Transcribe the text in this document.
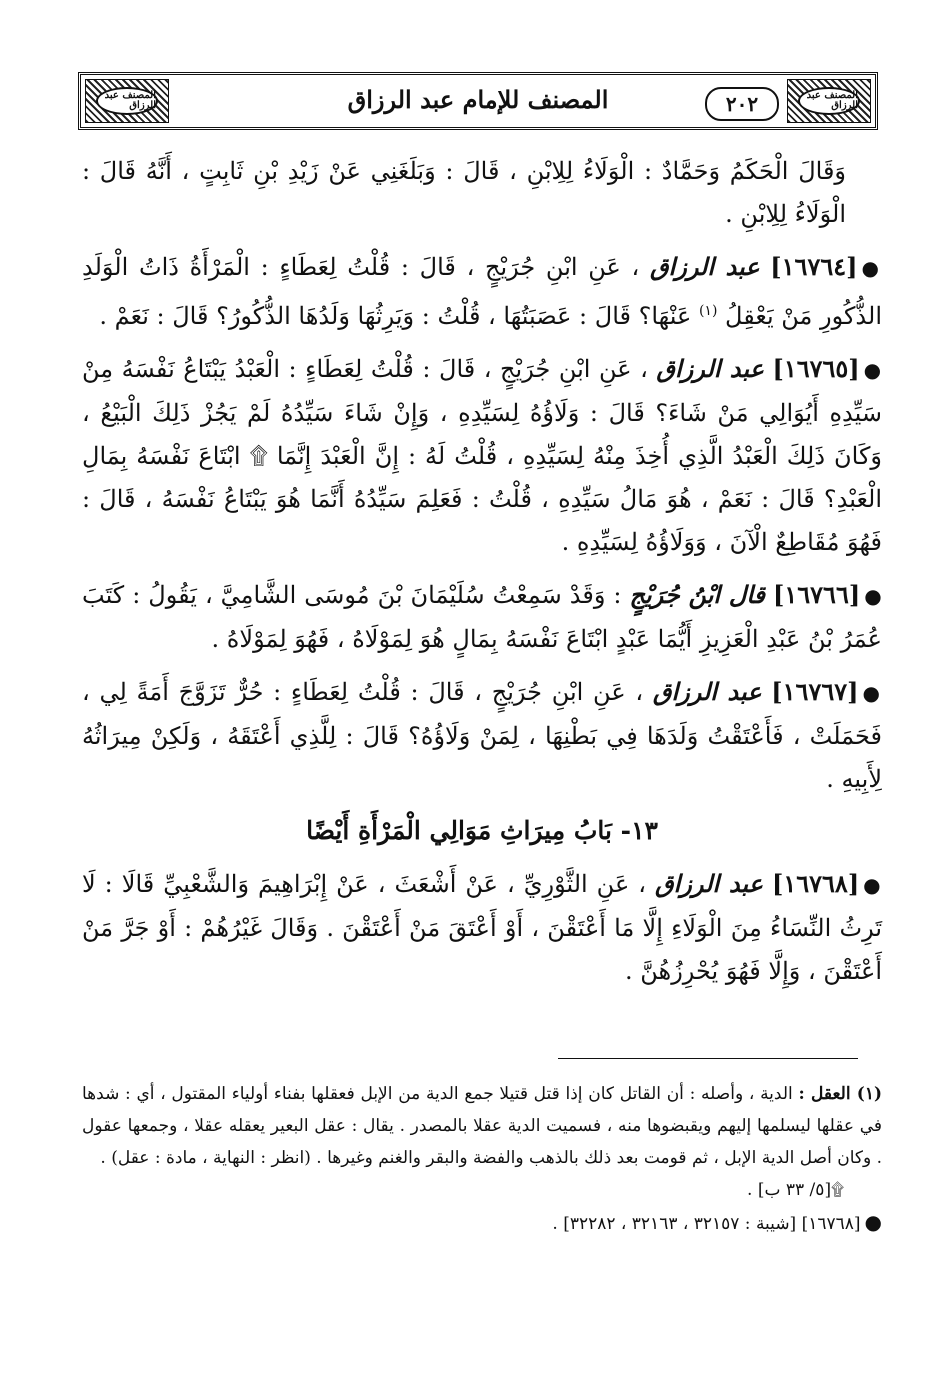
المصنف عبد الرزاق
٢٠٢
المصنف للإمام عبد الرزاق
المصنف عبد الرزاق

وَقَالَ الْحَكَمُ وَحَمَّادٌ : الْوَلَاءُ لِلِابْنِ ، قَالَ : وَبَلَغَنِي عَنْ زَيْدِ بْنِ ثَابِتٍ ، أَنَّهُ قَالَ : الْوَلَاءُ لِلِابْنِ .

●[١٦٧٦٤] عبد الرزاق ، عَنِ ابْنِ جُرَيْجٍ ، قَالَ : قُلْتُ لِعَطَاءٍ : الْمَرْأَةُ ذَاتُ الْوَلَدِ الذُّكُورِ مَنْ يَعْقِلُ $^{(١)}$ عَنْهَا؟ قَالَ : عَصَبَتُهَا ، قُلْتُ : وَيَرِثُهَا وَلَدُهَا الذُّكُورُ؟ قَالَ : نَعَمْ .

●[١٦٧٦٥] عبد الرزاق ، عَنِ ابْنِ جُرَيْجٍ ، قَالَ : قُلْتُ لِعَطَاءٍ : الْعَبْدُ يَبْتَاعُ نَفْسَهُ مِنْ سَيِّدِهِ أَيُوَالِي مَنْ شَاءَ؟ قَالَ : وَلَاؤُهُ لِسَيِّدِهِ ، وَإِنْ شَاءَ سَيِّدُهُ لَمْ يَجُزْ ذَلِكَ الْبَيْعُ ، وَكَانَ ذَلِكَ الْعَبْدُ الَّذِي أُخِذَ مِنْهُ لِسَيِّدِهِ ، قُلْتُ لَهُ : إِنَّ الْعَبْدَ إِنَّمَا ۩ ابْتَاعَ نَفْسَهُ بِمَالِ الْعَبْدِ؟ قَالَ : نَعَمْ ، هُوَ مَالُ سَيِّدِهِ ، قُلْتُ : فَعَلِمَ سَيِّدُهُ أَنَّمَا هُوَ يَبْتَاعُ نَفْسَهُ ، قَالَ : فَهُوَ مُقَاطِعٌ الْآنَ ، وَوَلَاؤُهُ لِسَيِّدِهِ .

●[١٦٧٦٦] قال ابْنُ جُرَيْجٍ : وَقَدْ سَمِعْتُ سُلَيْمَانَ بْنَ مُوسَى الشَّامِيَّ ، يَقُولُ : كَتَبَ عُمَرُ بْنُ عَبْدِ الْعَزِيزِ أَيُّمَا عَبْدٍ ابْتَاعَ نَفْسَهُ بِمَالٍ هُوَ لِمَوْلَاهُ ، فَهُوَ لِمَوْلَاهُ .

●[١٦٧٦٧] عبد الرزاق ، عَنِ ابْنِ جُرَيْجٍ ، قَالَ : قُلْتُ لِعَطَاءٍ : حُرٌّ تَزَوَّجَ أَمَةً لِي ، فَحَمَلَتْ ، فَأَعْتَقْتُ وَلَدَهَا فِي بَطْنِهَا ، لِمَنْ وَلَاؤُهُ؟ قَالَ : لِلَّذِي أَعْتَقَهُ ، وَلَكِنْ مِيرَاثُهُ لِأَبِيهِ .

١٣- بَابُ مِيرَاثِ مَوَالِي الْمَرْأَةِ أَيْضًا

●[١٦٧٦٨] عبد الرزاق ، عَنِ الثَّوْرِيِّ ، عَنْ أَشْعَثَ ، عَنْ إِبْرَاهِيمَ وَالشَّعْبِيِّ قَالَا : لَا تَرِثُ النِّسَاءُ مِنَ الْوَلَاءِ إِلَّا مَا أَعْتَقْنَ ، أَوْ أَعْتَقَ مَنْ أَعْتَقْنَ . وَقَالَ غَيْرُهُمْ : أَوْ جَرَّ مَنْ أَعْتَقْنَ ، وَإِلَّا فَهُوَ يُحْرِزُهُنَّ .

(١) العقل : الدية ، وأصله : أن القاتل كان إذا قتل قتيلا جمع الدية من الإبل فعقلها بفناء أولياء المقتول ، أي : شدها في عقلها ليسلمها إليهم ويقبضوها منه ، فسميت الدية عقلا بالمصدر . يقال : عقل البعير يعقله عقلا ، وجمعها عقول . وكان أصل الدية الإبل ، ثم قومت بعد ذلك بالذهب والفضة والبقر والغنم وغيرها . (انظر : النهاية ، مادة : عقل) .

۩[٥/ ٣٣ ب] .

●[١٦٧٦٨] [شيبة : ٣٢١٥٧ ، ٣٢١٦٣ ، ٣٢٢٨٢] .
